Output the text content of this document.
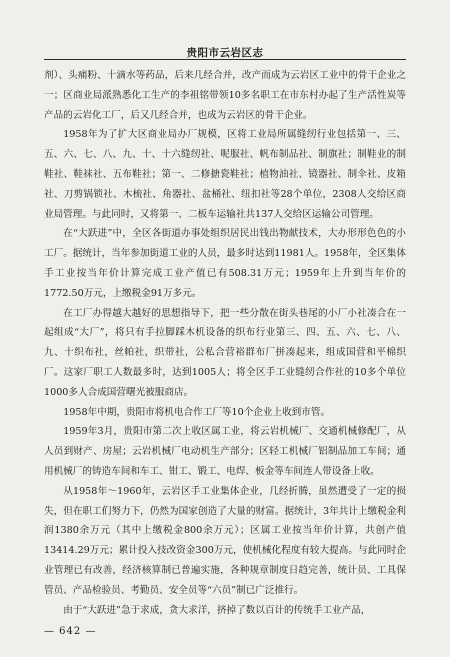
贵阳市云岩区志

剂）、头痛粉、十滴水等药品，后来几经合并，改产而成为云岩区工业中的骨干企业之一；区商业局派熟悉化工生产的李祖铭带领10多名职工在市东村办起了生产活性炭等产品的云岩化工厂，后又几经合并，也成为云岩区的骨干企业。

1958年为了扩大区商业局办厂规模，区将工业局所属缝纫行业包括第一、三、五、六、七、八、九、十、十六缝纫社、呢服社、帆布制品社、制旗社；制鞋业的制鞋社、鞋袜社、五布鞋社；第一、二修搪瓷鞋社；植物油社、镜器社、制伞社、皮箱社、刀剪锅锁社、木梳社、角器社、盆桶社、纽扣社等28个单位，2308人交给区商业局管理。与此同时，又将第一、二板车运输社共137人交给区运输公司管理。

在“大跃进”中，全区各街道办事处组织居民出钱出物献技术，大办形形色色的小工厂。据统计，当年参加街道工业的人员，最多时达到11981人。1958年，全区集体手工业按当年价计算完成工业产值已有508.31万元；1959年上升到当年价的1772.50万元，上缴税金91万多元。

在工厂办得越大越好的思想指导下，把一些分散在街头巷尾的小厂小社凑合在一起组成“大厂”，将只有手拉脚踩木机设备的织布行业第三、四、五、六、七、八、九、十织布社，丝帕社，织带社，公私合营裕群布厂拼凑起来，组成国营和平棉织厂。这家厂职工人数最多时，达到1005人；将全区手工业缝纫合作社的10多个单位1000多人合成国营曙光被服商店。

1958年中期，贵阳市将机电合作工厂等10个企业上收到市管。

1959年3月，贵阳市第二次上收区属工业，将云岩机械厂、交通机械修配厂，从人员到财产、房屋；云岩机械厂电动机生产部分；区轻工机械厂铝制品加工车间；通用机械厂的铸造车间和车工、钳工、锻工、电焊、板金等车间连人带设备上收。

从1958年～1960年，云岩区手工业集体企业，几经折腾，虽然遭受了一定的损失，但在职工们努力下，仍然为国家创造了大量的财富。据统计，3年共计上缴税金利润1380余万元（其中上缴税金800余万元）；区属工业按当年价计算，共创产值13414.29万元；累计投入技改资金300万元，使机械化程度有较大提高。与此同时企业管理已有改善，经济核算制已普遍实施，各种规章制度日趋完善，统计员、工具保管员、产品检验员、考勤员、安全员等“六员”制已广泛推行。

由于“大跃进”急于求成，贪大求洋，挤掉了数以百计的传统手工业产品，

— 642 —
